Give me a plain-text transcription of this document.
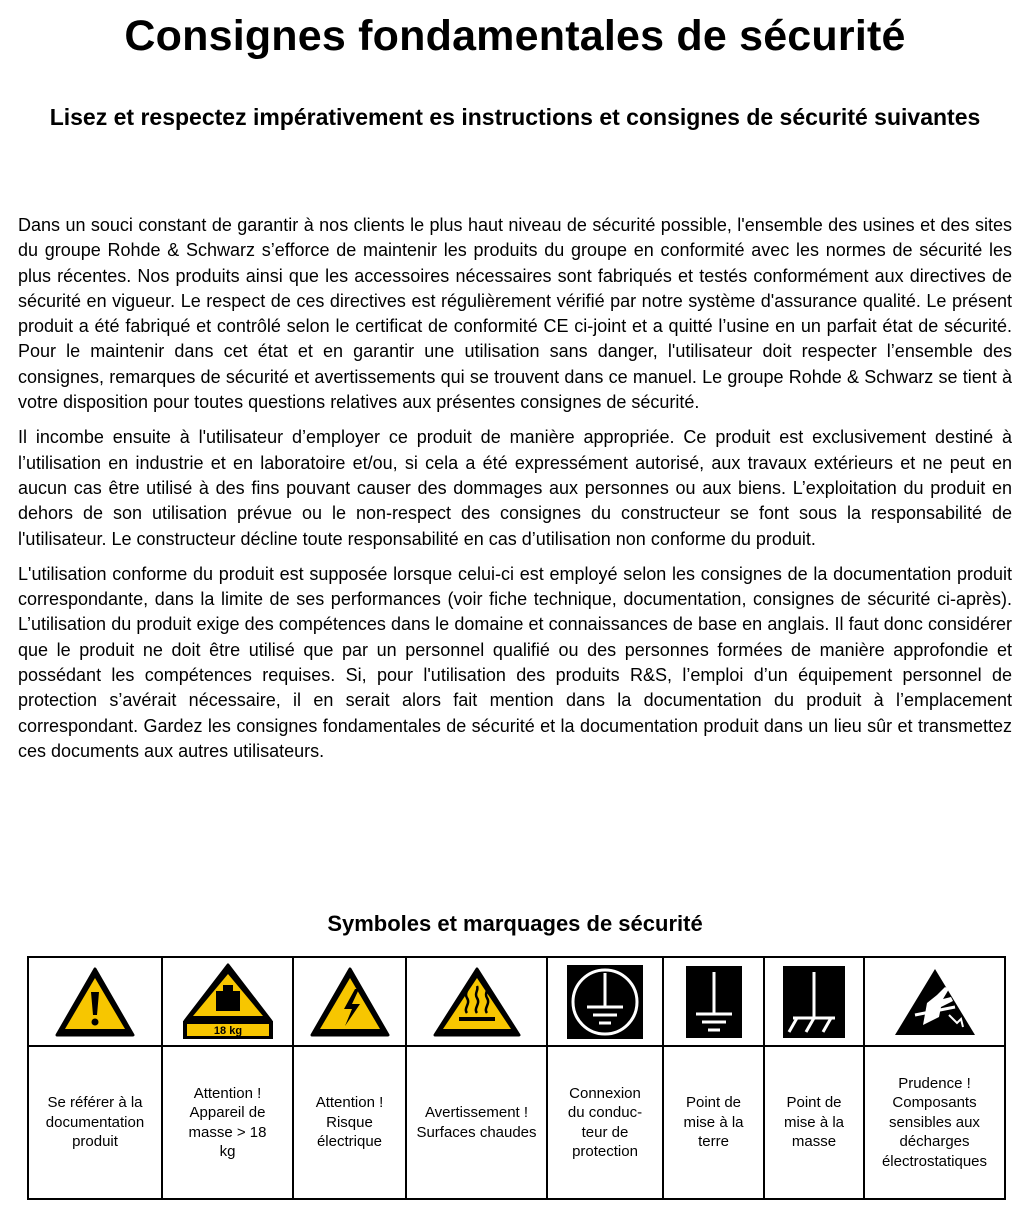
Consignes fondamentales de sécurité
Lisez et respectez impérativement es instructions et consignes de sécurité suivantes

Dans un souci constant de garantir à nos clients le plus haut niveau de sécurité possible, l'ensemble des usines et des sites du groupe Rohde & Schwarz s’efforce de maintenir les produits du groupe en conformité avec les normes de sécurité les plus récentes. Nos produits ainsi que les accessoires nécessaires sont fabriqués et testés conformément aux directives de sécurité en vigueur. Le respect de ces directives est régulièrement vérifié par notre système d'assurance qualité. Le présent produit a été fabriqué et contrôlé selon le certificat de conformité CE ci-joint et a quitté l’usine en un parfait état de sécurité. Pour le maintenir dans cet état et en garantir une utilisation sans danger, l'utilisateur doit respecter l’ensemble des consignes, remarques de sécurité et avertissements qui se trouvent dans ce manuel. Le groupe Rohde & Schwarz se tient à votre disposition pour toutes questions relatives aux présentes consignes de sécurité.

Il incombe ensuite à l'utilisateur d’employer ce produit de manière appropriée. Ce produit est exclusivement destiné à l’utilisation en industrie et en laboratoire et/ou, si cela a été expressément autorisé, aux travaux extérieurs et ne peut en aucun cas être utilisé à des fins pouvant causer des dommages aux personnes ou aux biens. L’exploitation du produit en dehors de son utilisation prévue ou le non-respect des consignes du constructeur se font sous la responsabilité de l'utilisateur. Le constructeur décline toute responsabilité en cas d’utilisation non conforme du produit.

L'utilisation conforme du produit est supposée lorsque celui-ci est employé selon les consignes de la documentation produit correspondante, dans la limite de ses performances (voir fiche technique, documentation, consignes de sécurité ci-après). L’utilisation du produit exige des compétences dans le domaine et connaissances de base en anglais. Il faut donc considérer que le produit ne doit être utilisé que par un personnel qualifié ou des personnes formées de manière approfondie et possédant les compétences requises. Si, pour l'utilisation des produits R&S, l’emploi d’un équipement personnel de protection s’avérait nécessaire, il en serait alors fait mention dans la documentation du produit à l’emplacement correspondant. Gardez les consignes fondamentales de sécurité et la documentation produit dans un lieu sûr et transmettez ces documents aux autres utilisateurs.

Symboles et marquages de sécurité

18 kg

Se référer à la documentation produit	Attention ! Appareil de masse > 18 kg	Attention ! Risque électrique	Avertissement ! Surfaces chaudes	Connexion du conduc-teur de protection	Point de mise à la terre	Point de mise à la masse	Prudence ! Composants sensibles aux décharges électrostatiques
